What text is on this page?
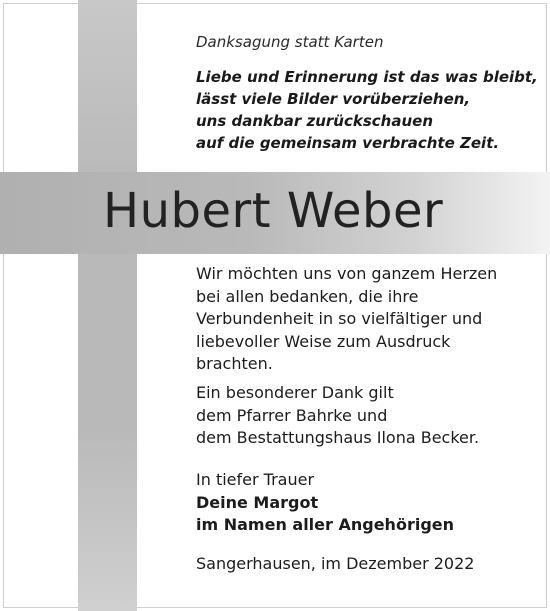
Danksagung statt Karten
Liebe und Erinnerung ist das was bleibt,
lässt viele Bilder vorüberziehen,
uns dankbar zurückschauen
auf die gemeinsam verbrachte Zeit.
Hubert Weber
Wir möchten uns von ganzem Herzen
bei allen bedanken, die ihre
Verbundenheit in so vielfältiger und
liebevoller Weise zum Ausdruck
brachten.
Ein besonderer Dank gilt
dem Pfarrer Bahrke und
dem Bestattungshaus Ilona Becker.
In tiefer Trauer
Deine Margot
im Namen aller Angehörigen
Sangerhausen, im Dezember 2022
